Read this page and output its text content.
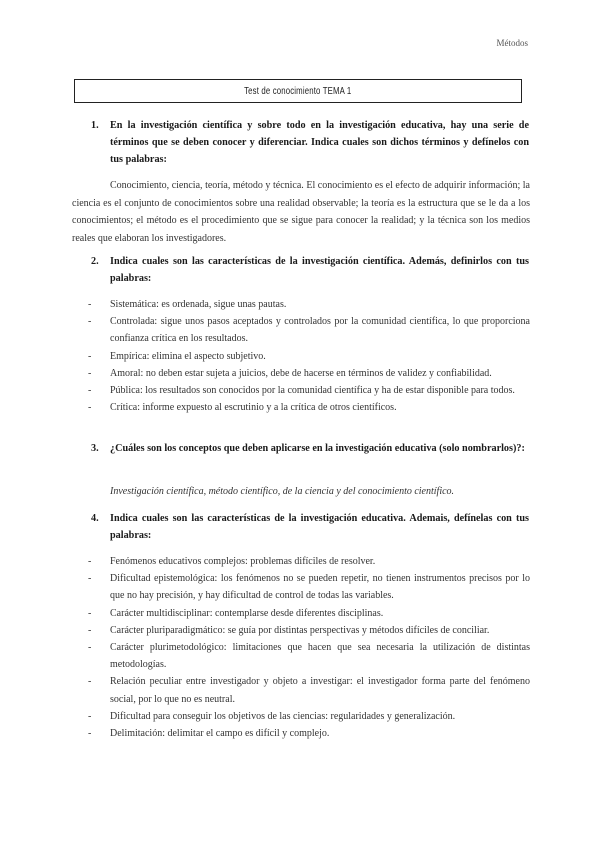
Métodos
Test de conocimiento TEMA 1
1.	En la investigación científica y sobre todo en la investigación educativa, hay una serie de términos que se deben conocer y diferenciar. Indica cuales son dichos términos y defínelos con tus palabras:
Conocimiento, ciencia, teoría, método y técnica. El conocimiento es el efecto de adquirir información; la ciencia es el conjunto de conocimientos sobre una realidad observable; la teoría es la estructura que se le da a los conocimientos; el método es el procedimiento que se sigue para conocer la realidad; y la técnica son los medios reales que elaboran los investigadores.
2.	Indica cuales son las características de la investigación científica. Además, definirlos con tus palabras:
- Sistemática: es ordenada, sigue unas pautas.
- Controlada: sigue unos pasos aceptados y controlados por la comunidad científica, lo que proporciona confianza crítica en los resultados.
- Empírica: elimina el aspecto subjetivo.
- Amoral: no deben estar sujeta a juicios, debe de hacerse en términos de validez y confiabilidad.
- Pública: los resultados son conocidos por la comunidad científica y ha de estar disponible para todos.
- Crítica: informe expuesto al escrutinio y a la crítica de otros científicos.
3.	¿Cuáles son los conceptos que deben aplicarse en la investigación educativa (solo nombrarlos)?:
Investigación científica, método científico, de la ciencia y del conocimiento científico.
4.	Indica cuales son las características de la investigación educativa. Ademais, defínelas con tus palabras:
- Fenómenos educativos complejos: problemas difíciles de resolver.
- Dificultad epistemológica: los fenómenos no se pueden repetir, no tienen instrumentos precisos por lo que no hay precisión, y hay dificultad de control de todas las variables.
- Carácter multidisciplinar: contemplarse desde diferentes disciplinas.
- Carácter pluriparadigmático: se guía por distintas perspectivas y métodos difíciles de conciliar.
- Carácter plurimetodológico: limitaciones que hacen que sea necesaria la utilización de distintas metodologías.
- Relación peculiar entre investigador y objeto a investigar: el investigador forma parte del fenómeno social, por lo que no es neutral.
- Dificultad para conseguir los objetivos de las ciencias: regularidades y generalización.
- Delimitación: delimitar el campo es difícil y complejo.
